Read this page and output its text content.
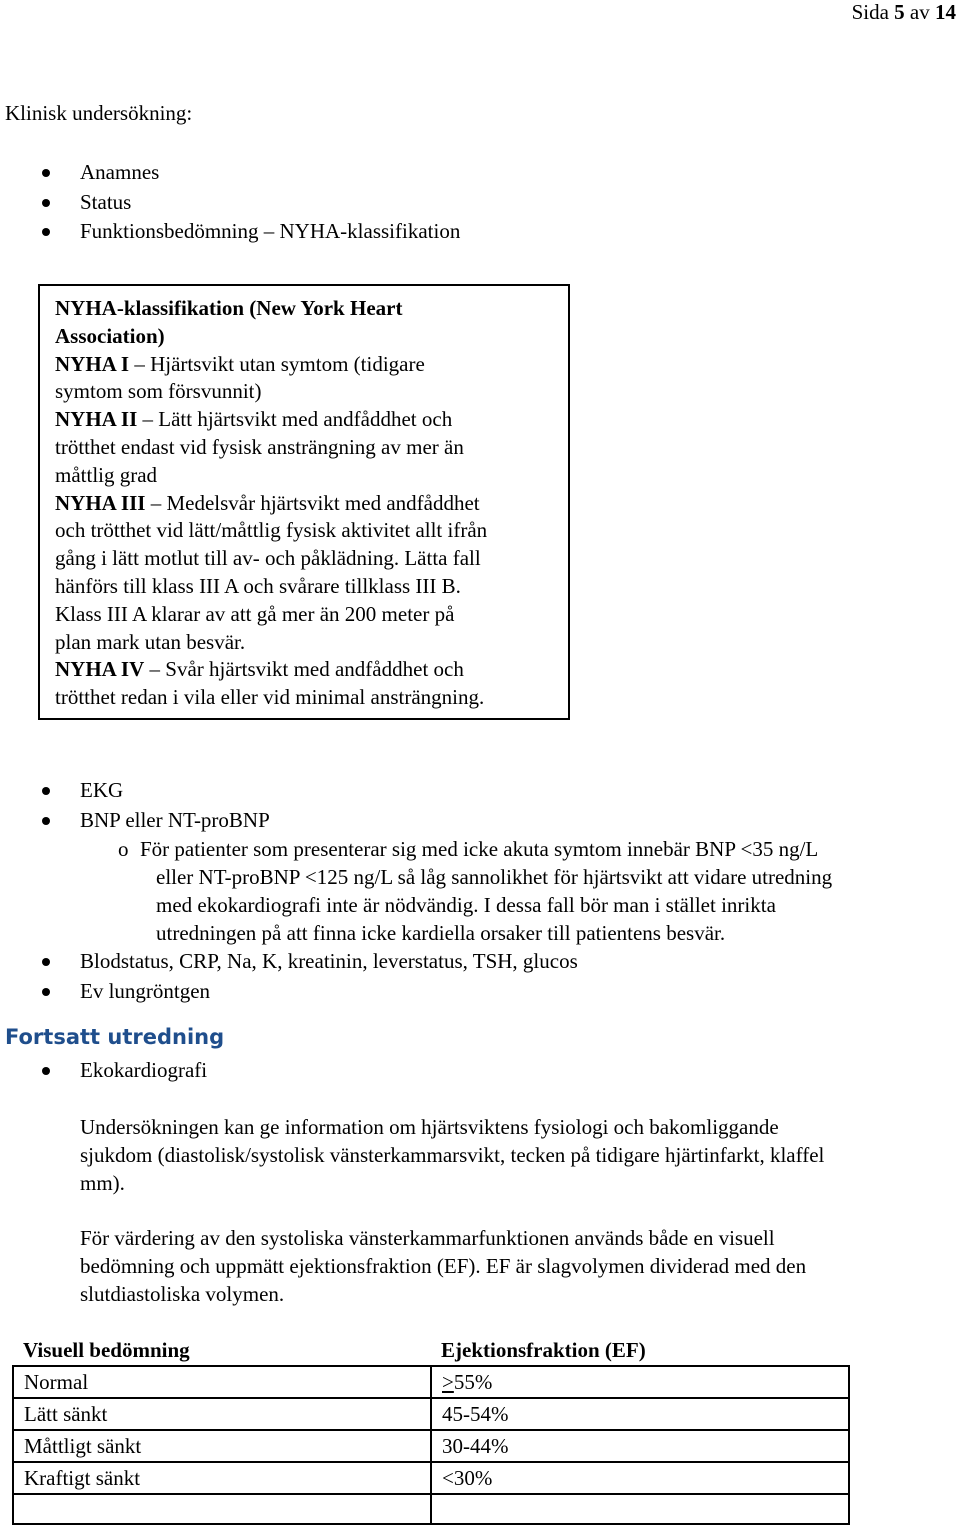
Sida 5 av 14
Klinisk undersökning:
Anamnes
Status
Funktionsbedömning – NYHA-klassifikation

NYHA-klassifikation (New York Heart
Association)

NYHA I – Hjärtsvikt utan symtom (tidigare
symtom som försvunnit)

NYHA II – Lätt hjärtsvikt med andfåddhet och
trötthet endast vid fysisk ansträngning av mer än
måttlig grad

NYHA III – Medelsvår hjärtsvikt med andfåddhet
och trötthet vid lätt/måttlig fysisk aktivitet allt ifrån
gång i lätt motlut till av- och påklädning. Lätta fall
hänförs till klass III A och svårare tillklass III B.
Klass III A klarar av att gå mer än 200 meter på
plan mark utan besvär.

NYHA IV – Svår hjärtsvikt med andfåddhet och
trötthet redan i vila eller vid minimal ansträngning.

EKG
BNP eller NT-proBNP
o För patienter som presenterar sig med icke akuta symtom innebär BNP <35 ng/L
eller NT-proBNP <125 ng/L så låg sannolikhet för hjärtsvikt att vidare utredning
med ekokardiografi inte är nödvändig. I dessa fall bör man i stället inrikta
utredningen på att finna icke kardiella orsaker till patientens besvär.
Blodstatus, CRP, Na, K, kreatinin, leverstatus, TSH, glucos
Ev lungröntgen
Fortsatt utredning
Ekokardiografi
Undersökningen kan ge information om hjärtsviktens fysiologi och bakomliggande
sjukdom (diastolisk/systolisk vänsterkammarsvikt, tecken på tidigare hjärtinfarkt, klaffel
mm).
För värdering av den systoliska vänsterkammarfunktionen används både en visuell
bedömning och uppmätt ejektionsfraktion (EF). EF är slagvolymen dividerad med den
slutdiastoliska volymen.
Visuell bedömning	Ejektionsfraktion (EF)
Normal	>55%
Lätt sänkt	45-54%
Måttligt sänkt	30-44%
Kraftigt sänkt	<30%
